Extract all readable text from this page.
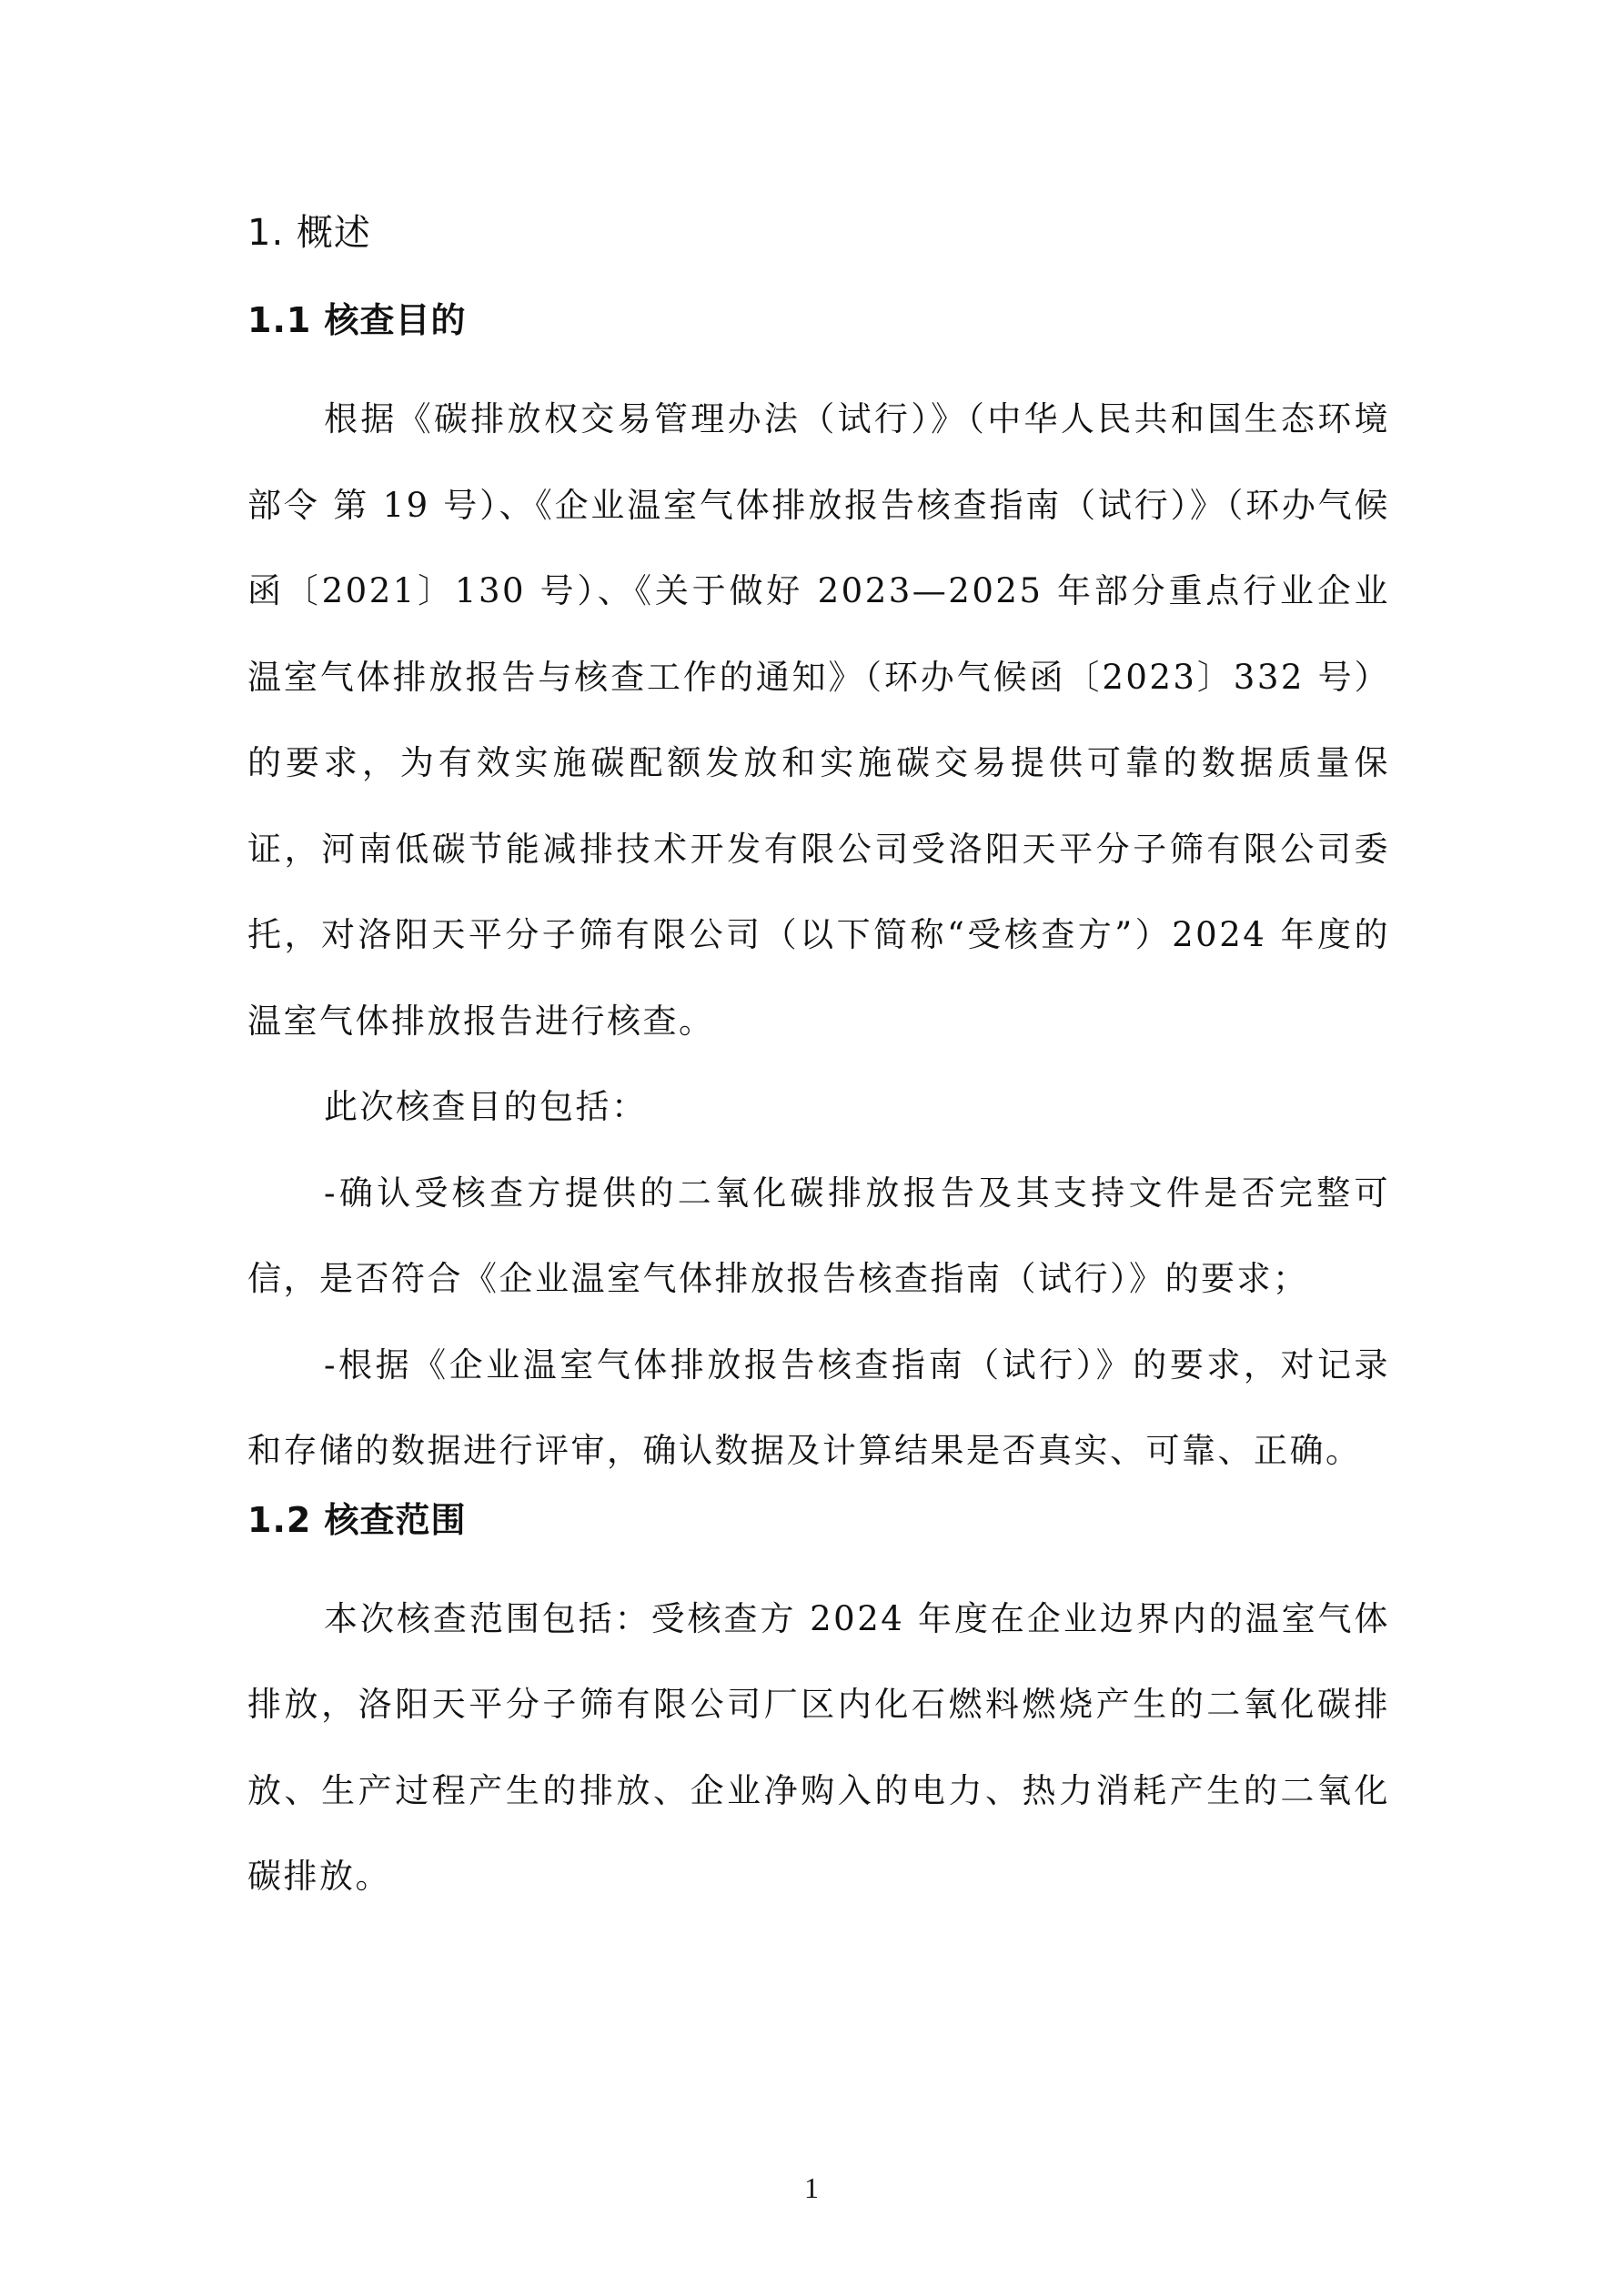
1. 概述
1.1 核查目的

根据《碳排放权交易管理办法（试行）》（中华人民共和国生态环境部令 第 19 号）、《企业温室气体排放报告核查指南（试行）》（环办气候函〔2021〕130 号）、《关于做好 2023—2025 年部分重点行业企业温室气体排放报告与核查工作的通知》（环办气候函〔2023〕332 号）的要求，为有效实施碳配额发放和实施碳交易提供可靠的数据质量保证，河南低碳节能减排技术开发有限公司受洛阳天平分子筛有限公司委托，对洛阳天平分子筛有限公司（以下简称“受核查方”）2024 年度的温室气体排放报告进行核查。

此次核查目的包括：

-确认受核查方提供的二氧化碳排放报告及其支持文件是否完整可信，是否符合《企业温室气体排放报告核查指南（试行）》的要求；

-根据《企业温室气体排放报告核查指南（试行）》的要求，对记录和存储的数据进行评审，确认数据及计算结果是否真实、可靠、正确。

1.2 核查范围

本次核查范围包括：受核查方 2024 年度在企业边界内的温室气体排放，洛阳天平分子筛有限公司厂区内化石燃料燃烧产生的二氧化碳排放、生产过程产生的排放、企业净购入的电力、热力消耗产生的二氧化碳排放。

1
